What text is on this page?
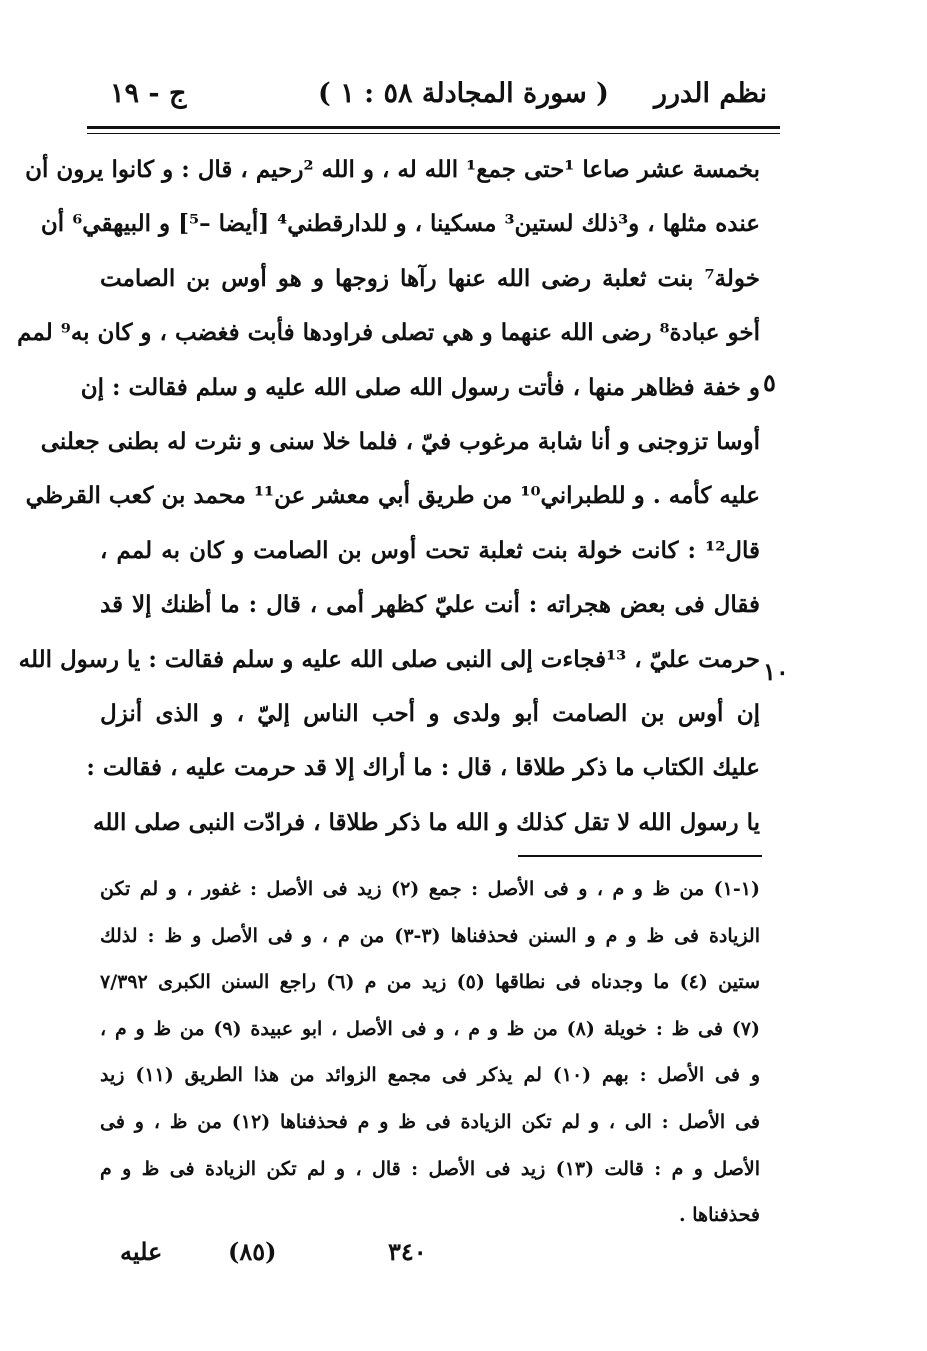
نظم الدرر
( سورة المجادلة ٥٨ : ١ )
ج - ١٩
بخمسة عشر صاعا ¹حتى جمع¹ الله له ، و الله ²رحيم ، قال : و كانوا يرون أن
عنده مثلها ، و³ذلك لستين³ مسكينا ، و للدارقطني⁴ [أيضا –⁵] و البيهقي⁶ أن
خولة⁷ بنت ثعلبة رضى الله عنها رآها زوجها و هو أوس بن الصامت
أخو عبادة⁸ رضى الله عنهما و هي تصلى فراودها فأبت فغضب ، و كان به⁹ لمم
و خفة فظاهر منها ، فأتت رسول الله صلى الله عليه و سلم فقالت : إن
أوسا تزوجنى و أنا شابة مرغوب فيّ ، فلما خلا سنى و نثرت له بطنى جعلنى
عليه كأمه . و للطبراني¹⁰ من طريق أبي معشر عن¹¹ محمد بن كعب القرظي
قال¹² : كانت خولة بنت ثعلبة تحت أوس بن الصامت و كان به لمم ،
فقال فى بعض هجراته : أنت عليّ كظهر أمى ، قال : ما أظنك إلا قد
حرمت عليّ ، ¹³فجاءت إلى النبى صلى الله عليه و سلم فقالت : يا رسول الله
إن أوس بن الصامت أبو ولدى و أحب الناس إليّ ، و الذى أنزل
عليك الكتاب ما ذكر طلاقا ، قال : ما أراك إلا قد حرمت عليه ، فقالت :
يا رسول الله لا تقل كذلك و الله ما ذكر طلاقا ، فرادّت النبى صلى الله
٥
١٠
(١-١) من ظ و م ، و فى الأصل : جمع (٢) زيد فى الأصل : غفور ، و لم تكن
الزيادة فى ظ و م و السنن فحذفناها (٣-٣) من م ، و فى الأصل و ظ : لذلك
ستين (٤) ما وجدناه فى نطاقها (٥) زيد من م (٦) راجع السنن الكبرى ٧/٣٩٢
(٧) فى ظ : خويلة (٨) من ظ و م ، و فى الأصل ، ابو عبيدة (٩) من ظ و م ،
و فى الأصل : بهم (١٠) لم يذكر فى مجمع الزوائد من هذا الطريق (١١) زيد
فى الأصل : الى ، و لم تكن الزيادة فى ظ و م فحذفناها (١٢) من ظ ، و فى
الأصل و م : قالت (١٣) زيد فى الأصل : قال ، و لم تكن الزيادة فى ظ و م
فحذفناها .
عليه	(٨٥)	٣٤٠
